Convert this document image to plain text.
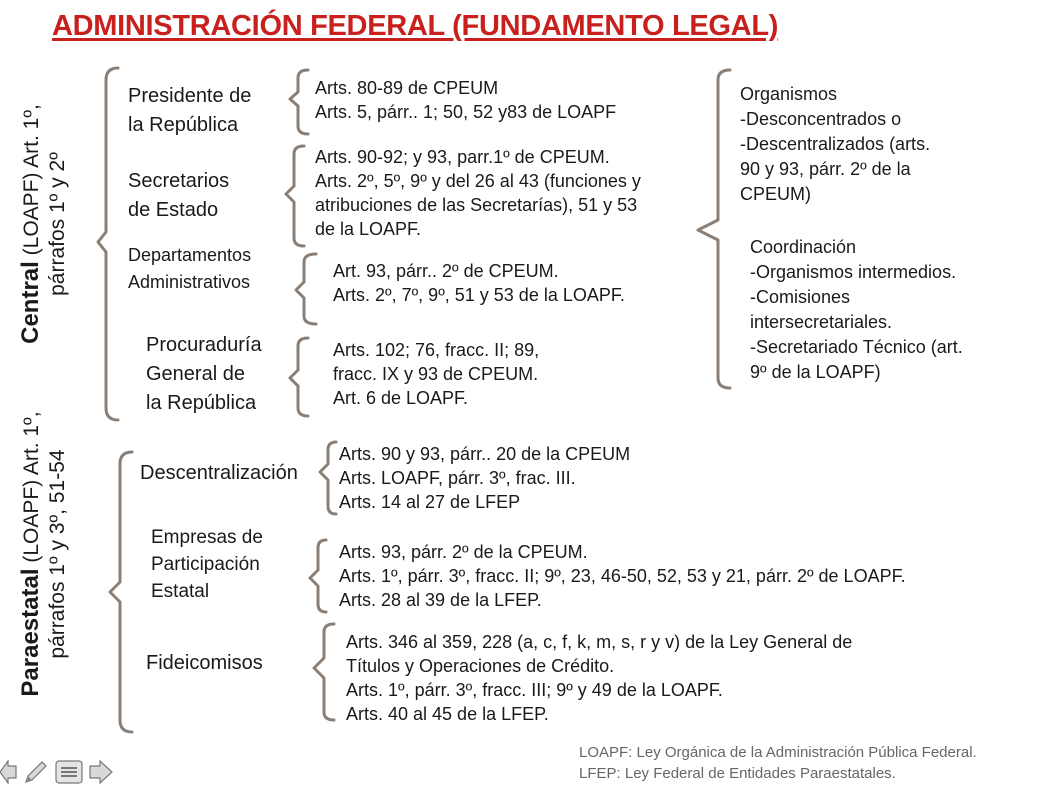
ADMINISTRACIÓN FEDERAL (FUNDAMENTO LEGAL)
Central (LOAPF) Art. 1º, párrafos 1º y 2º
Paraestatal (LOAPF) Art. 1º, párrafos 1º y 3º, 51-54
Presidente de
la República
Arts. 80-89 de CPEUM
Arts. 5, párr.. 1; 50, 52 y83 de LOAPF
Secretarios
de Estado
Arts. 90-92; y 93, parr.1º de CPEUM.
Arts. 2º, 5º, 9º y del 26 al 43 (funciones y
atribuciones de las Secretarías), 51 y 53
de la LOAPF.
Departamentos
Administrativos
Art. 93, párr.. 2º de CPEUM.
Arts. 2º, 7º, 9º, 51 y 53 de la LOAPF.
Procuraduría
General de
la República
Arts. 102; 76, fracc. II; 89,
fracc. IX y 93 de CPEUM.
Art. 6 de LOAPF.
Organismos
-Desconcentrados o
-Descentralizados (arts.
90 y 93, párr. 2º de la
CPEUM)
Coordinación
-Organismos intermedios.
-Comisiones
intersecretariales.
-Secretariado Técnico (art.
9º de la LOAPF)
Descentralización
Arts. 90 y 93, párr.. 20 de la CPEUM
Arts. LOAPF, párr. 3º, frac. III.
Arts. 14 al 27 de LFEP
Empresas de
Participación
Estatal
Arts. 93, párr. 2º de la CPEUM.
Arts. 1º, párr. 3º, fracc. II; 9º, 23, 46-50, 52, 53 y 21, párr. 2º de LOAPF.
Arts. 28 al 39 de la LFEP.
Fideicomisos
Arts. 346 al 359, 228 (a, c, f, k, m, s, r y v) de la Ley General de
Títulos y Operaciones de Crédito.
Arts. 1º, párr. 3º, fracc. III; 9º y 49 de la LOAPF.
Arts. 40 al 45 de la LFEP.
LOAPF: Ley Orgánica de la Administración Pública Federal.
LFEP: Ley Federal de Entidades Paraestatales.
